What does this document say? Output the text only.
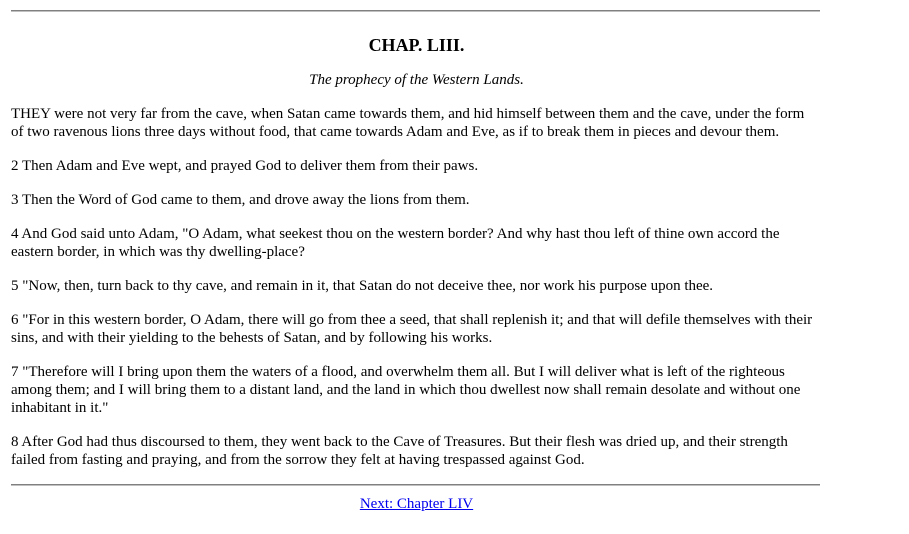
CHAP. LIII.

The prophecy of the Western Lands.

THEY were not very far from the cave, when Satan came towards them, and hid himself between them and the cave, under the form of two ravenous lions three days without food, that came towards Adam and Eve, as if to break them in pieces and devour them.

2 Then Adam and Eve wept, and prayed God to deliver them from their paws.

3 Then the Word of God came to them, and drove away the lions from them.

4 And God said unto Adam, "O Adam, what seekest thou on the western border? And why hast thou left of thine own accord the eastern border, in which was thy dwelling-place?

5 "Now, then, turn back to thy cave, and remain in it, that Satan do not deceive thee, nor work his purpose upon thee.

6 "For in this western border, O Adam, there will go from thee a seed, that shall replenish it; and that will defile themselves with their sins, and with their yielding to the behests of Satan, and by following his works.

7 "Therefore will I bring upon them the waters of a flood, and overwhelm them all. But I will deliver what is left of the righteous among them; and I will bring them to a distant land, and the land in which thou dwellest now shall remain desolate and without one inhabitant in it."

8 After God had thus discoursed to them, they went back to the Cave of Treasures. But their flesh was dried up, and their strength failed from fasting and praying, and from the sorrow they felt at having trespassed against God.

Next: Chapter LIV
